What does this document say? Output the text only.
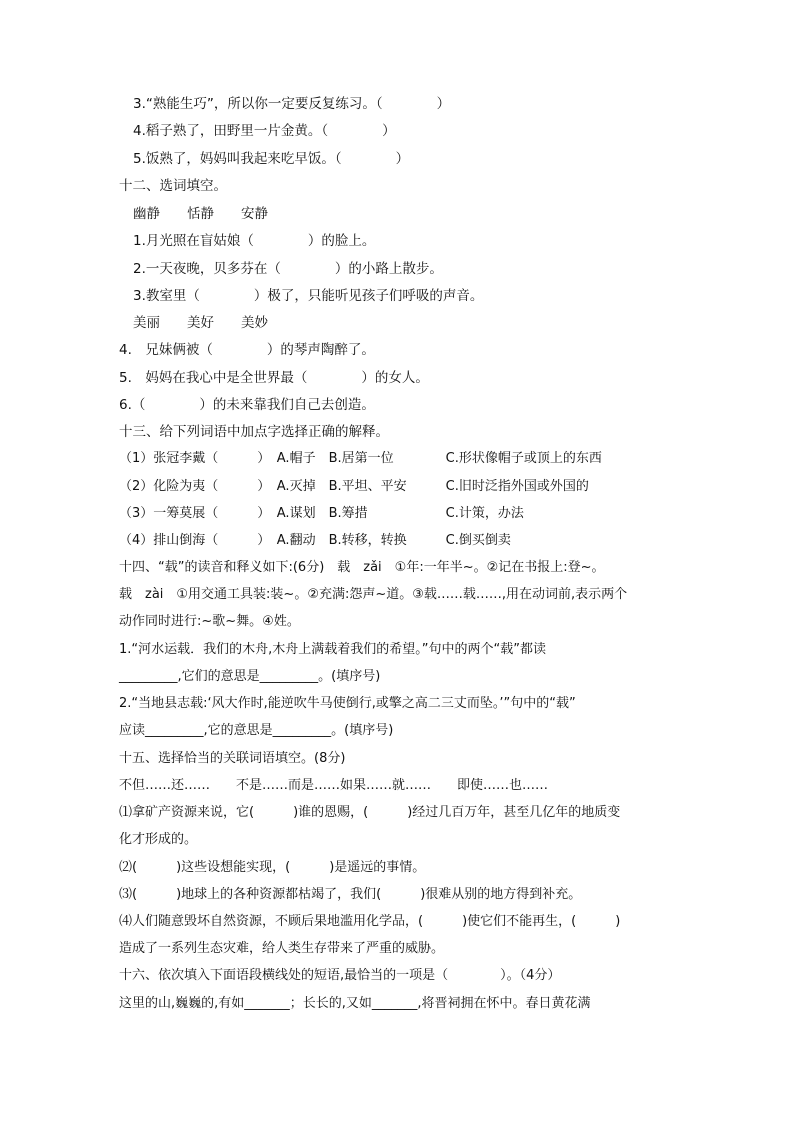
3.“熟能生巧”，所以你一定要反复练习。（　　　　）
4.稻子熟了，田野里一片金黄。（　　　　）
5.饭熟了，妈妈叫我起来吃早饭。（　　　　）
十二、选词填空。
幽静　　恬静　　安静
1.月光照在盲姑娘（　　　　）的脸上。
2.一天夜晚，贝多芬在（　　　　）的小路上散步。
3.教室里（　　　　）极了，只能听见孩子们呼吸的声音。
美丽　　美好　　美妙
4.　兄妹俩被（　　　　）的琴声陶醉了。
5.　妈妈在我心中是全世界最（　　　　）的女人。
6.（　　　　）的未来靠我们自己去创造。
十三、给下列词语中加点字选择正确的解释。
（1）张冠李戴（　　　）　A.帽子　B.居第一位　　　　C.形状像帽子或顶上的东西
（2）化险为夷（　　　）　A.灭掉　B.平坦、平安　　　C.旧时泛指外国或外国的
（3）一筹莫展（　　　）　A.谋划　B.筹措　　　　　　C.计策，办法
（4）排山倒海（　　　）　A.翻动　B.转移，转换　　　C.倒买倒卖
十四、“载”的读音和释义如下:(6分)　载　zǎi　①年:一年半~。②记在书报上:登~。
载　zài　①用交通工具装:装~。②充满:怨声~道。③载……载……,用在动词前,表示两个
动作同时进行:~歌~舞。④姓。
1.“河水运载．我们的木舟,木舟上满载着我们的希望。”句中的两个“载”都读
_________,它们的意思是_________。(填序号)
2.“当地县志载:‘风大作时,能逆吹牛马使倒行,或擎之高二三丈而坠。’”句中的“载”
应读_________,它的意思是_________。(填序号)
十五、选择恰当的关联词语填空。(8分)
不但……还……　　不是……而是……如果……就……　　即使……也……
⑴拿矿产资源来说，它(　　　)谁的恩赐，(　　　)经过几百万年，甚至几亿年的地质变
化才形成的。
⑵(　　　)这些设想能实现，(　　　)是遥远的事情。
⑶(　　　)地球上的各种资源都枯竭了，我们(　　　)很难从别的地方得到补充。
⑷人们随意毁坏自然资源，不顾后果地滥用化学品，(　　　)使它们不能再生，(　　　)
造成了一系列生态灾难，给人类生存带来了严重的威胁。
十六、依次填入下面语段横线处的短语,最恰当的一项是（　　　　）。（4分）
这里的山,巍巍的,有如_______；长长的,又如_______,将晋祠拥在怀中。春日黄花满
